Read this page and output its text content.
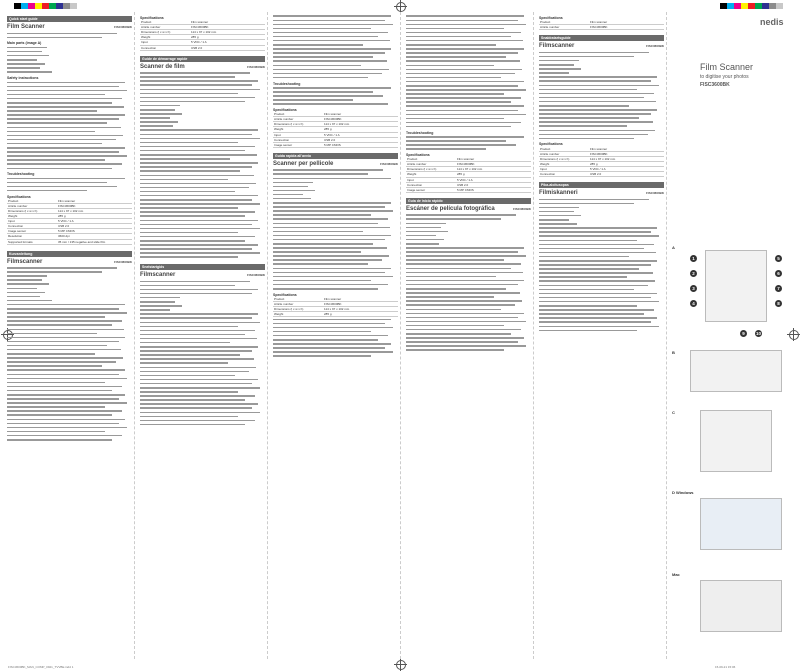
Quick start guide
Film Scanner	FISC3600BK
Main parts (image A)
Safety instructions
Troubleshooting
Specifications
Product	Film scanner
Article number	FISC3600BK
Dimensions (l x w x h)	114 x 97 x 102 mm
Weight	285 g
Input	5 VDC / 1 A
Connection	USB 2.0
Image sensor	5 MP CMOS
Resolution	3600 dpi
Supported formats	35 mm / 135 negative and slide film
Kurzanleitung
Filmscanner	FISC3600BK
Specifications
Product	Film scanner
Article number	FISC3600BK
Dimensions (l x w x h)	114 x 97 x 102 mm
Weight	285 g
Input	5 VDC / 1 A
Connection	USB 2.0
Guide de démarrage rapide
Scanner de film	FISC3600BK
Snelstartgids
Filmscanner	FISC3600BK
Troubleshooting
Specifications
Product	Film scanner
Article number	FISC3600BK
Dimensions (l x w x h)	114 x 97 x 102 mm
Weight	285 g
Input	5 VDC / 1 A
Connection	USB 2.0
Image sensor	5 MP CMOS
Guida rapida all'avvio
Scanner per pellicole	FISC3600BK
Specifications
Product	Film scanner
Article number	FISC3600BK
Dimensions (l x w x h)	114 x 97 x 102 mm
Weight	285 g
Troubleshooting
Specifications
Product	Film scanner
Article number	FISC3600BK
Dimensions (l x w x h)	114 x 97 x 102 mm
Weight	285 g
Input	5 VDC / 1 A
Connection	USB 2.0
Image sensor	5 MP CMOS
Guía de inicio rápido
Escáner de película fotográfica	FISC3600BK
Specifications
Product	Film scanner
Article number	FISC3600BK
Snabbstartsguide
Filmscanner	FISC3600BK
Specifications
Product	Film scanner
Article number	FISC3600BK
Dimensions (l x w x h)	114 x 97 x 102 mm
Weight	285 g
Input	5 VDC / 1 A
Connection	USB 2.0
Pika-aloitusopas
Filmiskanneri	FISC3600BK
nedis
Film Scanner
to digitise your photos
FISC3600BK
A
1
2
3
4
5
6
7
8
9	10
B
C
D Windows
Mac
FISC3600BK_MAN_COMP_0921_TVVBE.indd 1	15-09-21 15:06
